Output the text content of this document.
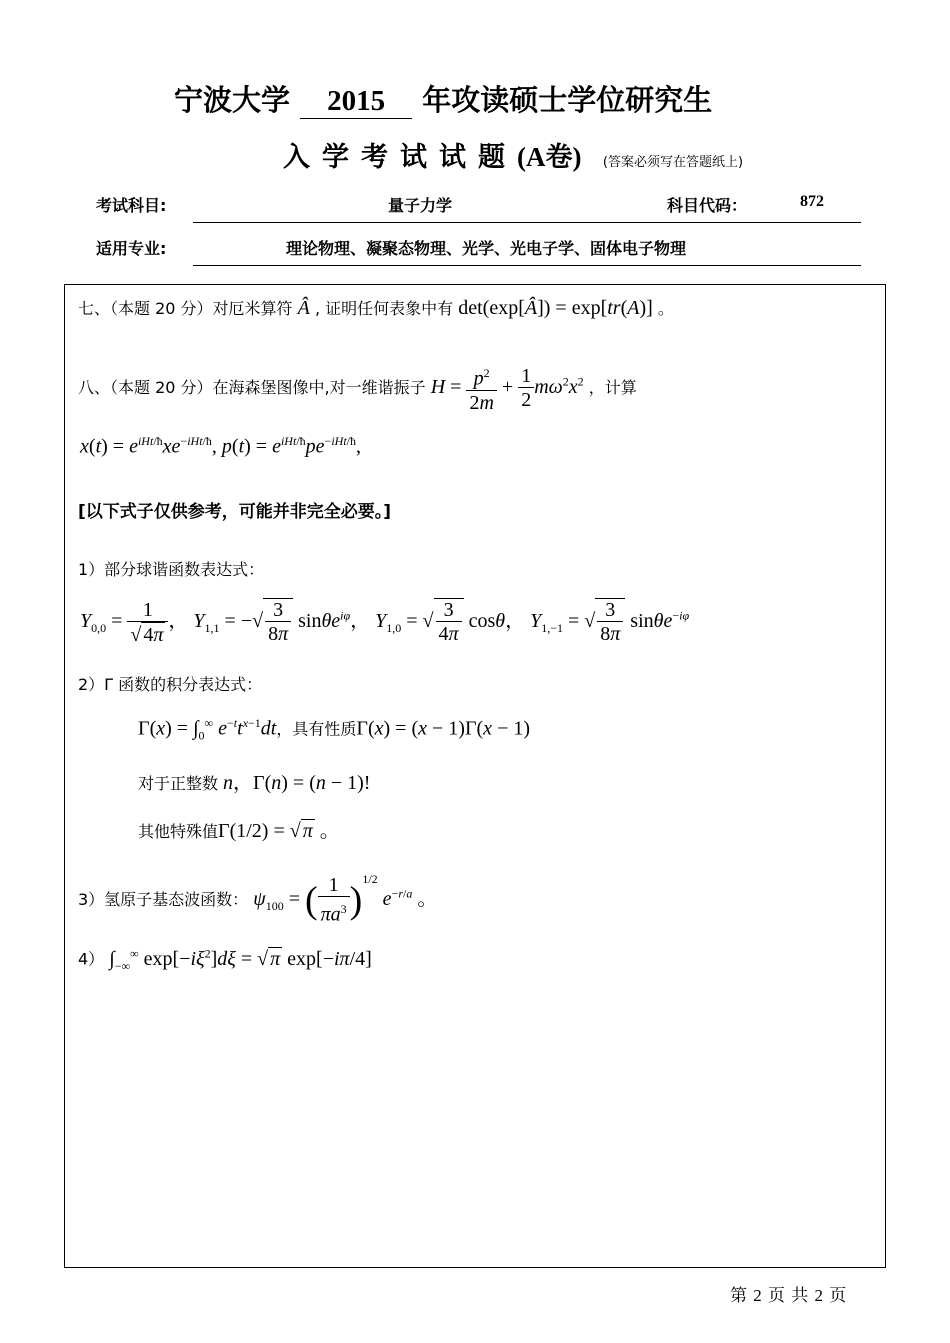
宁波大学 2015 年攻读硕士学位研究生
入学考试试题(A卷) (答案必须写在答题纸上)
考试科目:	量子力学	科目代码：	872
适用专业:	理论物理、凝聚态物理、光学、光电子学、固体电子物理
七、（本题 20 分）对厄米算符 Â , 证明任何表象中有 det(exp[Â]) = exp[tr(A)] 。
八、（本题 20 分）在海森堡图像中,对一维谐振子 $H = \frac{p^2}{2m} + \frac{1}{2} m\omega^2x^2$ ，计算
$x(t) = e^{iHt/ħ}xe^{-iHt/ħ}$, $p(t) = e^{iHt/ħ}pe^{-iHt/ħ}$,
[以下式子仅供参考，可能并非完全必要。]
1）部分球谐函数表达式：
$Y_{0,0} = \frac{1}{√ 4\pi}$ ， $Y_{1,1}$ = −√ $\frac{3}{8\pi} \sin\theta e^{i\varphi}$， $Y_{1,0}$ = √ $\frac{3}{4\pi}$ cosθ， $Y_{1,-1}$ = √ $\frac{3}{8\pi} \sin\theta e^{-i\varphi}$
2）Γ 函数的积分表达式：
$\Gamma(x) = \int_0^\infty$ $e^{-t}t^{x-1}dt$，具有性质Γ(x) = (x − 1)Γ(x − 1)
对于正整数 n，Γ(n) = (n − 1)!
其他特殊值Γ(1/2) = √ π 。
3）氢原子基态波函数： $\psi_{100}$ = ( $\frac{1}{\pi a^3} )^{1/2}$ $e^{-r/a}$ 。
4） $\int_{-\infty}^\infty$ $\exp[-i\xi^2]d\xi$ = √ π exp[−iπ/4]
第 2 页 共 2 页
